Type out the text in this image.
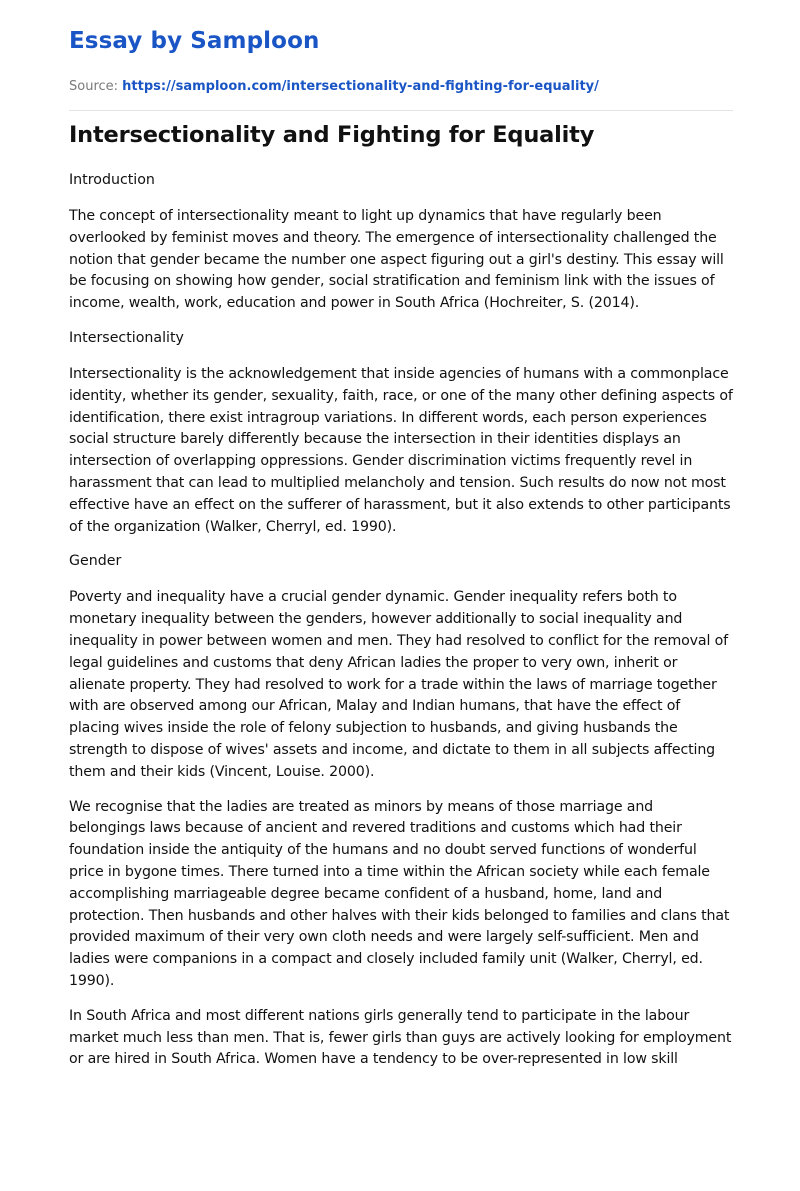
Essay by Samploon
Source: https://samploon.com/intersectionality-and-fighting-for-equality/
Intersectionality and Fighting for Equality
Introduction

The concept of intersectionality meant to light up dynamics that have regularly been overlooked by feminist moves and theory. The emergence of intersectionality challenged the notion that gender became the number one aspect figuring out a girl's destiny. This essay will be focusing on showing how gender, social stratification and feminism link with the issues of income, wealth, work, education and power in South Africa (Hochreiter, S. (2014).

Intersectionality

Intersectionality is the acknowledgement that inside agencies of humans with a commonplace identity, whether its gender, sexuality, faith, race, or one of the many other defining aspects of identification, there exist intragroup variations. In different words, each person experiences social structure barely differently because the intersection in their identities displays an intersection of overlapping oppressions. Gender discrimination victims frequently revel in harassment that can lead to multiplied melancholy and tension. Such results do now not most effective have an effect on the sufferer of harassment, but it also extends to other participants of the organization (Walker, Cherryl, ed. 1990).

Gender

Poverty and inequality have a crucial gender dynamic. Gender inequality refers both to monetary inequality between the genders, however additionally to social inequality and inequality in power between women and men. They had resolved to conflict for the removal of legal guidelines and customs that deny African ladies the proper to very own, inherit or alienate property. They had resolved to work for a trade within the laws of marriage together with are observed among our African, Malay and Indian humans, that have the effect of placing wives inside the role of felony subjection to husbands, and giving husbands the strength to dispose of wives' assets and income, and dictate to them in all subjects affecting them and their kids (Vincent, Louise. 2000).

We recognise that the ladies are treated as minors by means of those marriage and belongings laws because of ancient and revered traditions and customs which had their foundation inside the antiquity of the humans and no doubt served functions of wonderful price in bygone times. There turned into a time within the African society while each female accomplishing marriageable degree became confident of a husband, home, land and protection. Then husbands and other halves with their kids belonged to families and clans that provided maximum of their very own cloth needs and were largely self-sufficient. Men and ladies were companions in a compact and closely included family unit (Walker, Cherryl, ed. 1990).

In South Africa and most different nations girls generally tend to participate in the labour market much less than men. That is, fewer girls than guys are actively looking for employment or are hired in South Africa. Women have a tendency to be over-represented in low skill
